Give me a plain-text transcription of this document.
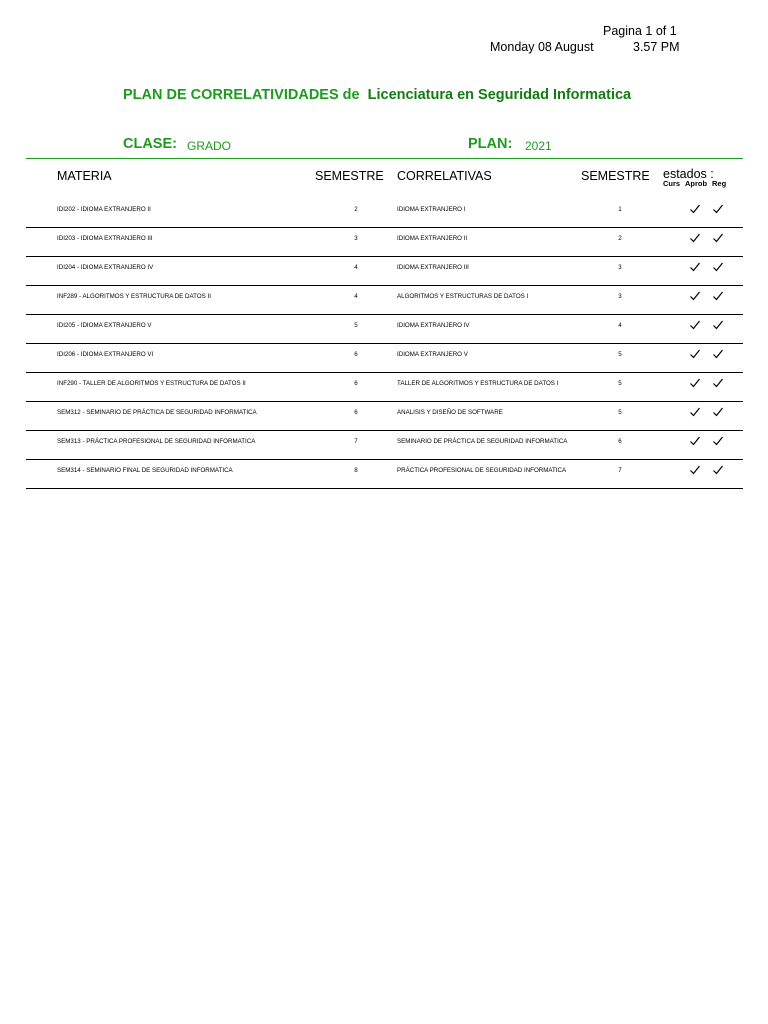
Pagina 1 of 1
Monday 08 August	3.57 PM
PLAN DE CORRELATIVIDADES de Licenciatura en Seguridad Informatica
CLASE: GRADO	PLAN: 2021
MATERIA	SEMESTRE CORRELATIVAS	SEMESTRE estados :
Curs Aprob Reg
IDI202 - IDIOMA EXTRANJERO II	2	IDIOMA EXTRANJERO I	1
IDI203 - IDIOMA EXTRANJERO III	3	IDIOMA EXTRANJERO II	2
IDI204 - IDIOMA EXTRANJERO IV	4	IDIOMA EXTRANJERO III	3
INF289 - ALGORITMOS Y ESTRUCTURA DE DATOS II	4	ALGORITMOS Y ESTRUCTURAS DE DATOS I	3
IDI205 - IDIOMA EXTRANJERO V	5	IDIOMA EXTRANJERO IV	4
IDI206 - IDIOMA EXTRANJERO VI	6	IDIOMA EXTRANJERO V	5
INF290 - TALLER DE ALGORITMOS Y ESTRUCTURA DE DATOS II	6	TALLER DE ALGORITMOS Y ESTRUCTURA DE DATOS I	5
SEM312 - SEMINARIO DE PRÁCTICA DE SEGURIDAD INFORMATICA	6	ANALISIS Y DISEÑO DE SOFTWARE	5
SEM313 - PRÁCTICA PROFESIONAL DE SEGURIDAD INFORMATICA	7	SEMINARIO DE PRÁCTICA DE SEGURIDAD INFORMATICA	6
SEM314 - SEMINARIO FINAL DE SEGURIDAD INFORMATICA	8	PRÁCTICA PROFESIONAL DE SEGURIDAD INFORMATICA	7
